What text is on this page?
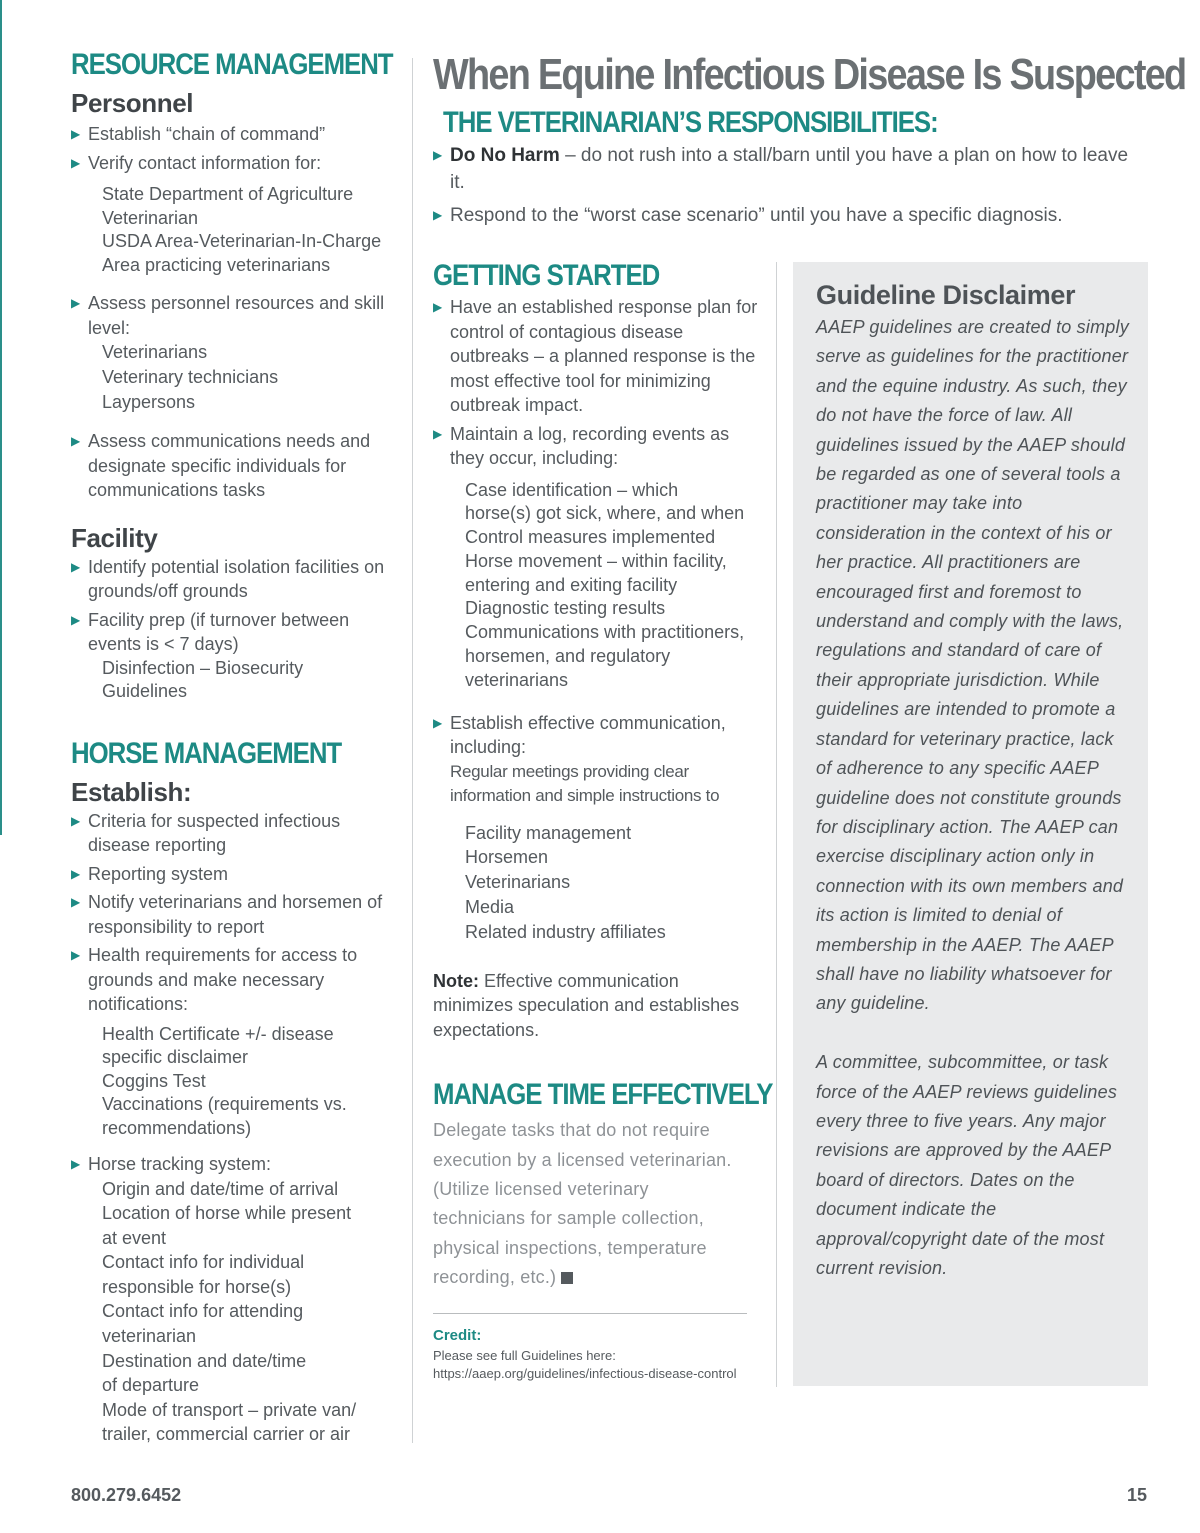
RESOURCE MANAGEMENT
Personnel
▶ Establish “chain of command”
▶ Verify contact information for:
State Department of Agriculture
Veterinarian
USDA Area-Veterinarian-In-Charge
Area practicing veterinarians
▶ Assess personnel resources and skill level:
Veterinarians
Veterinary technicians
Laypersons
▶ Assess communications needs and designate specific individuals for communications tasks
Facility
▶ Identify potential isolation facilities on grounds/off grounds
▶ Facility prep (if turnover between events is < 7 days)
Disinfection – Biosecurity
Guidelines
HORSE MANAGEMENT
Establish:
▶ Criteria for suspected infectious disease reporting
▶ Reporting system
▶ Notify veterinarians and horsemen of responsibility to report
▶ Health requirements for access to grounds and make necessary notifications:
Health Certificate +/- disease
specific disclaimer
Coggins Test
Vaccinations (requirements vs.
recommendations)
▶ Horse tracking system:
Origin and date/time of arrival
Location of horse while present
at event
Contact info for individual
responsible for horse(s)
Contact info for attending
veterinarian
Destination and date/time
of departure
Mode of transport – private van/
trailer, commercial carrier or air
When Equine Infectious Disease Is Suspected
THE VETERINARIAN’S RESPONSIBILITIES:
▶ Do No Harm – do not rush into a stall/barn until you have a plan on how to leave it.
▶ Respond to the “worst case scenario” until you have a specific diagnosis.
GETTING STARTED
▶ Have an established response plan for control of contagious disease outbreaks – a planned response is the most effective tool for minimizing outbreak impact.
▶ Maintain a log, recording events as they occur, including:
Case identification – which
horse(s) got sick, where, and when
Control measures implemented
Horse movement – within facility,
entering and exiting facility
Diagnostic testing results
Communications with practitioners,
horsemen, and regulatory
veterinarians
▶ Establish effective communication, including:
Regular meetings providing clear information and simple instructions to
Facility management
Horsemen
Veterinarians
Media
Related industry affiliates

Note: Effective communication minimizes speculation and establishes expectations.

MANAGE TIME EFFECTIVELY

Delegate tasks that do not require execution by a licensed veterinarian. (Utilize licensed veterinary technicians for sample collection, physical inspections, temperature recording, etc.)

Credit:
Please see full Guidelines here:
https://aaep.org/guidelines/infectious-disease-control
Guideline Disclaimer

AAEP guidelines are created to simply serve as guidelines for the practitioner and the equine industry. As such, they do not have the force of law. All guidelines issued by the AAEP should be regarded as one of several tools a practitioner may take into consideration in the context of his or her practice. All practitioners are encouraged first and foremost to understand and comply with the laws, regulations and standard of care of their appropriate jurisdiction. While guidelines are intended to promote a standard for veterinary practice, lack of adherence to any specific AAEP guideline does not constitute grounds for disciplinary action. The AAEP can exercise disciplinary action only in connection with its own members and its action is limited to denial of membership in the AAEP. The AAEP shall have no liability whatsoever for any guideline.

A committee, subcommittee, or task force of the AAEP reviews guidelines every three to five years. Any major revisions are approved by the AAEP board of directors. Dates on the document indicate the approval/copyright date of the most current revision.

800.279.6452	15
